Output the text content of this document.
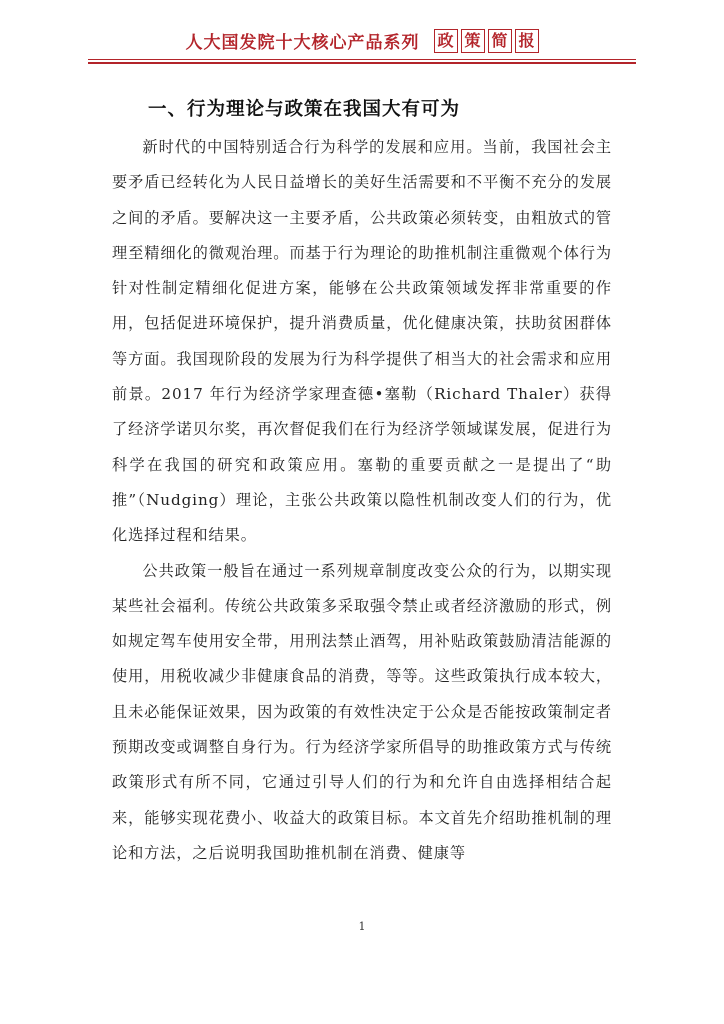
人大国发院十大核心产品系列 政 策 简 报
一、行为理论与政策在我国大有可为

新时代的中国特别适合行为科学的发展和应用。当前，我国社会主要矛盾已经转化为人民日益增长的美好生活需要和不平衡不充分的发展之间的矛盾。要解决这一主要矛盾，公共政策必须转变，由粗放式的管理至精细化的微观治理。而基于行为理论的助推机制注重微观个体行为针对性制定精细化促进方案，能够在公共政策领域发挥非常重要的作用，包括促进环境保护，提升消费质量，优化健康决策，扶助贫困群体等方面。我国现阶段的发展为行为科学提供了相当大的社会需求和应用前景。2017 年行为经济学家理查德•塞勒（Richard Thaler）获得了经济学诺贝尔奖，再次督促我们在行为经济学领域谋发展，促进行为科学在我国的研究和政策应用。塞勒的重要贡献之一是提出了“助推”（Nudging）理论，主张公共政策以隐性机制改变人们的行为，优化选择过程和结果。

公共政策一般旨在通过一系列规章制度改变公众的行为，以期实现某些社会福利。传统公共政策多采取强令禁止或者经济激励的形式，例如规定驾车使用安全带，用刑法禁止酒驾，用补贴政策鼓励清洁能源的使用，用税收减少非健康食品的消费，等等。这些政策执行成本较大，且未必能保证效果，因为政策的有效性决定于公众是否能按政策制定者预期改变或调整自身行为。行为经济学家所倡导的助推政策方式与传统政策形式有所不同，它通过引导人们的行为和允许自由选择相结合起来，能够实现花费小、收益大的政策目标。本文首先介绍助推机制的理论和方法，之后说明我国助推机制在消费、健康等

1
